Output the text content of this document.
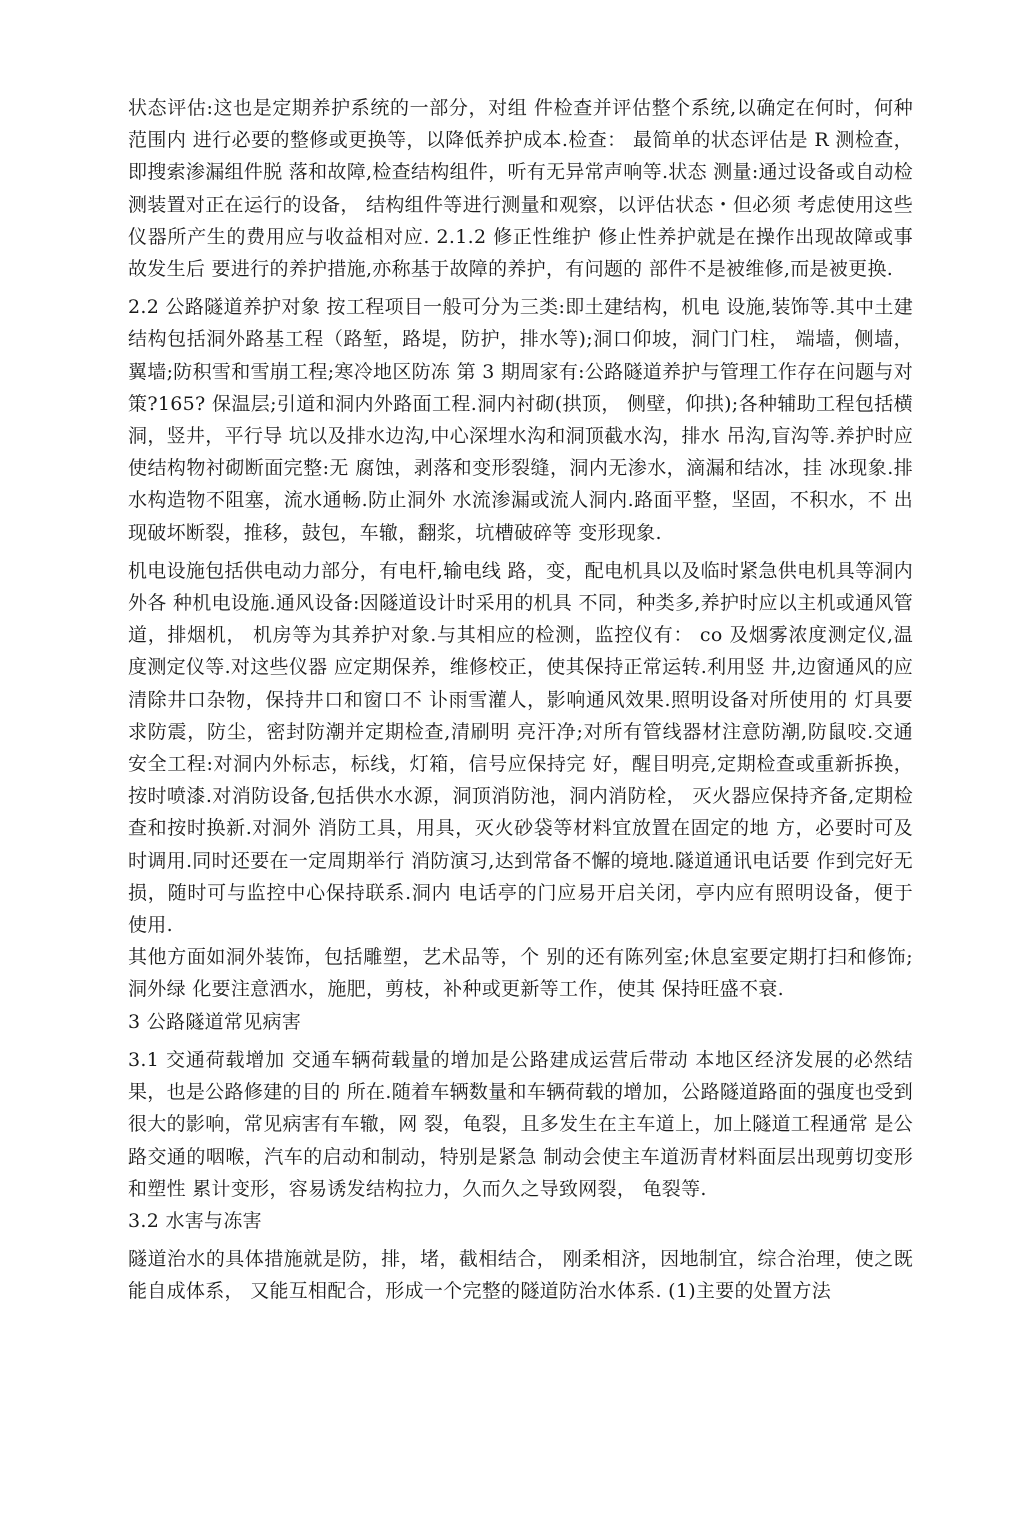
状态评估:这也是定期养护系统的一部分，对组 件检查并评估整个系统,以确定在何时，何种范围内 进行必要的整修或更换等，以降低养护成本.检查： 最简单的状态评估是 R 测检查，即搜索渗漏组件脱 落和故障,检查结构组件，听有无异常声响等.状态 测量:通过设备或自动检测装置对正在运行的设备， 结构组件等进行测量和观察，以评估状态・但必须 考虑使用这些仪器所产生的费用应与收益相对应. 2.1.2 修正性维护 修止性养护就是在操作出现故障或事故发生后 要进行的养护措施,亦称基于故障的养护，有问题的 部件不是被维修,而是被更换.

2.2 公路隧道养护对象 按工程项目一般可分为三类:即土建结构，机电 设施,装饰等.其中土建结构包括洞外路基工程（路堑，路堤，防护，排水等);洞口仰坡，洞门门柱， 端墙，侧墙，翼墙;防积雪和雪崩工程;寒冷地区防冻 第 3 期周家有:公路隧道养护与管理工作存在问题与对策?165? 保温层;引道和洞内外路面工程.洞内衬砌(拱顶， 侧壁，仰拱);各种辅助工程包括横洞，竖井，平行导 坑以及排水边沟,中心深埋水沟和洞顶截水沟，排水 吊沟,盲沟等.养护时应使结构物衬砌断面完整:无 腐蚀，剥落和变形裂缝，洞内无渗水，滴漏和结冰，挂 冰现象.排水构造物不阻塞，流水通畅.防止洞外 水流渗漏或流人洞内.路面平整，坚固，不积水，不 出现破坏断裂，推移，鼓包，车辙，翻浆，坑槽破碎等 变形现象.

机电设施包括供电动力部分，有电杆,输电线 路，变，配电机具以及临时紧急供电机具等洞内外各 种机电设施.通风设备:因隧道设计时采用的机具 不同，种类多,养护时应以主机或通风管道，排烟机， 机房等为其养护对象.与其相应的检测，监控仪有： co 及烟雾浓度测定仪,温度测定仪等.对这些仪器 应定期保养，维修校正，使其保持正常运转.利用竖 井,边窗通风的应清除井口杂物，保持井口和窗口不 讣雨雪灌人，影响通风效果.照明设备对所使用的 灯具要求防震，防尘，密封防潮并定期检查,清刷明 亮汗净;对所有管线器材注意防潮,防鼠咬.交通 安全工程:对洞内外标志，标线，灯箱，信号应保持完 好，醒目明亮,定期检查或重新拆换，按时喷漆.对消防设备,包括供水水源，洞顶消防池，洞内消防栓， 灭火器应保持齐备,定期检查和按时换新.对洞外 消防工具，用具，灭火砂袋等材料宜放置在固定的地 方，必要时可及时调用.同时还要在一定周期举行 消防演习,达到常备不懈的境地.隧道通讯电话要 作到完好无损，随时可与监控中心保持联系.洞内 电话亭的门应易开启关闭，亭内应有照明设备，便于 使用.

其他方面如洞外装饰，包括雕塑，艺术品等，个 别的还有陈列室;休息室要定期打扫和修饰;洞外绿 化要注意洒水，施肥，剪枝，补种或更新等工作，使其 保持旺盛不衰.

3 公路隧道常见病害

3.1 交通荷载增加 交通车辆荷载量的增加是公路建成运营后带动 本地区经济发展的必然结果，也是公路修建的目的 所在.随着车辆数量和车辆荷载的增加，公路隧道路面的强度也受到很大的影响，常见病害有车辙，网 裂，龟裂，且多发生在主车道上，加上隧道工程通常 是公路交通的咽喉，汽车的启动和制动，特别是紧急 制动会使主车道沥青材料面层出现剪切变形和塑性 累计变形，容易诱发结构拉力，久而久之导致网裂， 龟裂等.

3.2 水害与冻害

隧道治水的具体措施就是防，排，堵，截相结合， 刚柔相济，因地制宜，综合治理，使之既能自成体系， 又能互相配合，形成一个完整的隧道防治水体系. (1)主要的处置方法
